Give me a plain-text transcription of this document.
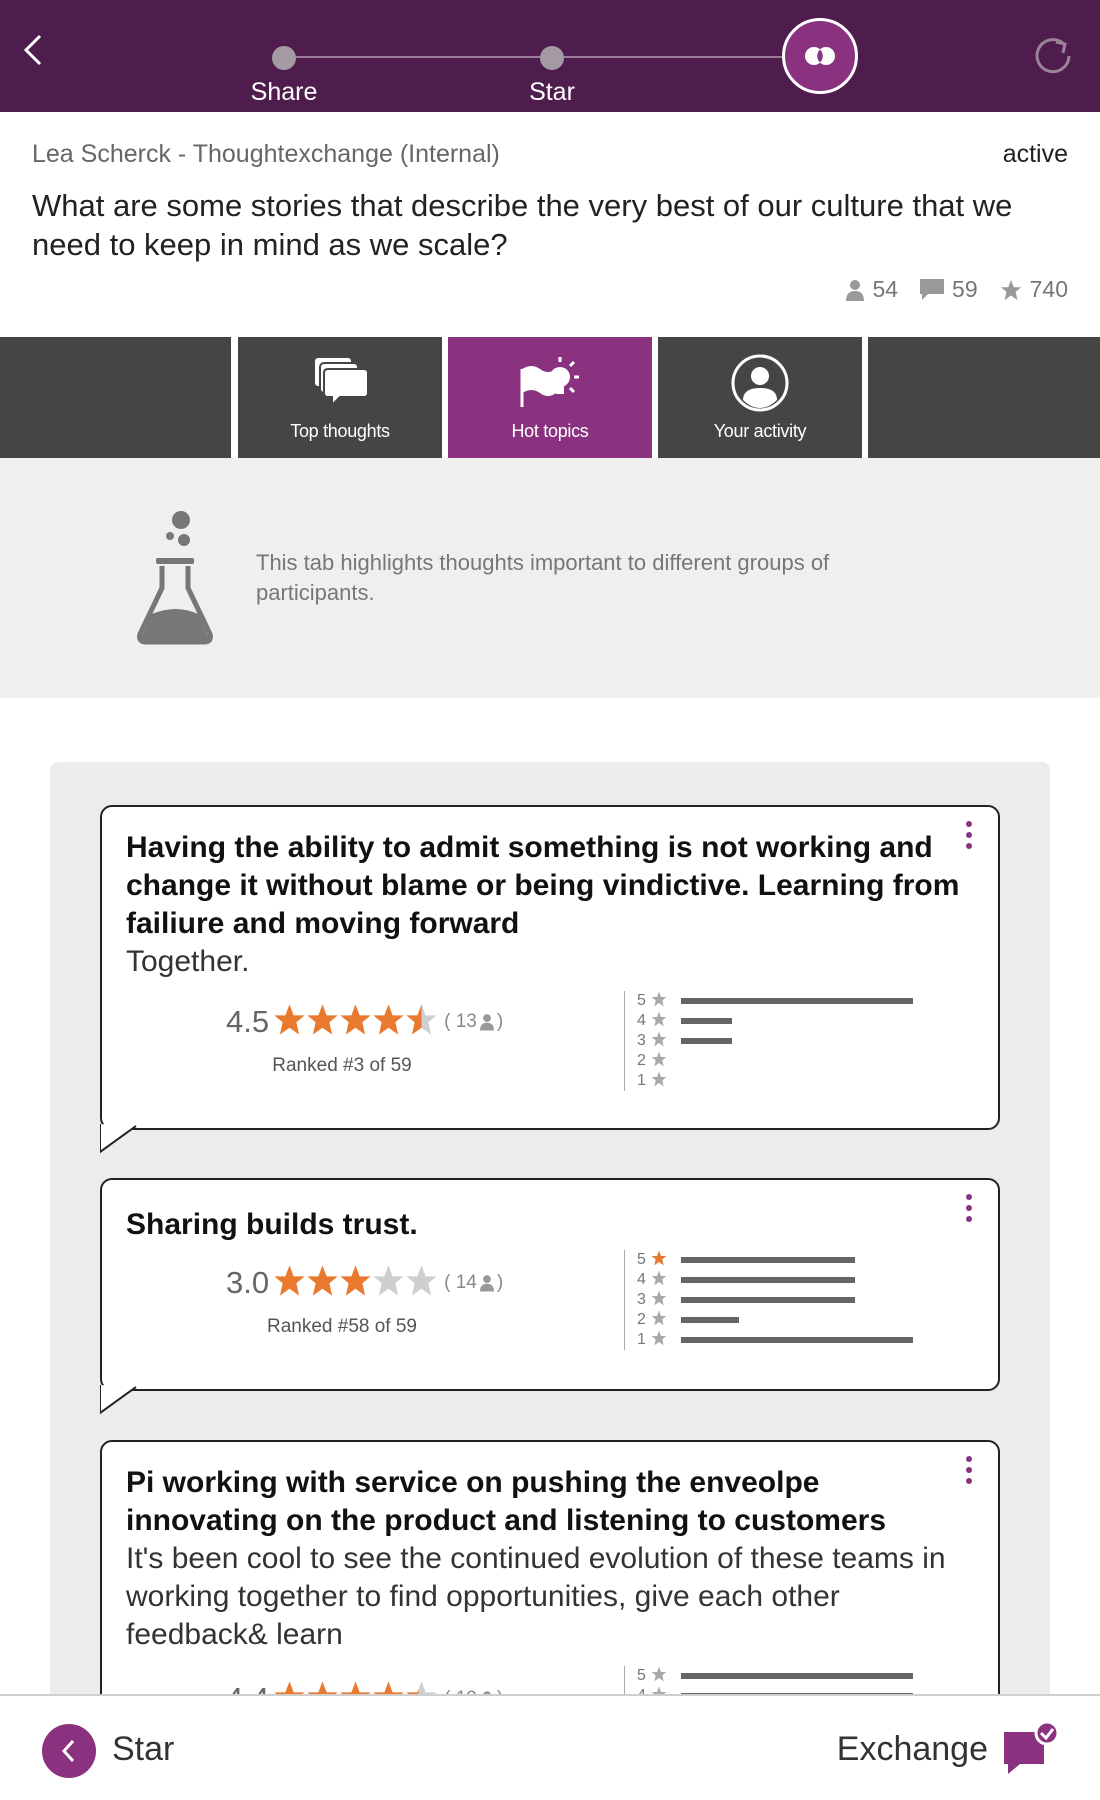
Share	Star
Lea Scherck - Thoughtexchange (Internal)	active
What are some stories that describe the very best of our culture that we need to keep in mind as we scale?
54 59 740
Top thoughts	Hot topics	Your activity
This tab highlights thoughts important to different groups of participants.
Having the ability to admit something is not working and change it without blame or being vindictive. Learning from failiure and moving forward
Together.
4.5	( 13 )
Ranked #3 of 59
5
4
3
2
1
Sharing builds trust.
3.0	( 14 )
Ranked #58 of 59
5
4
3
2
1
Pi working with service on pushing the enveolpe innovating on the product and listening to customers
It's been cool to see the continued evolution of these teams in working together to find opportunities, give each other feedback& learn
5
Star	Exchange
